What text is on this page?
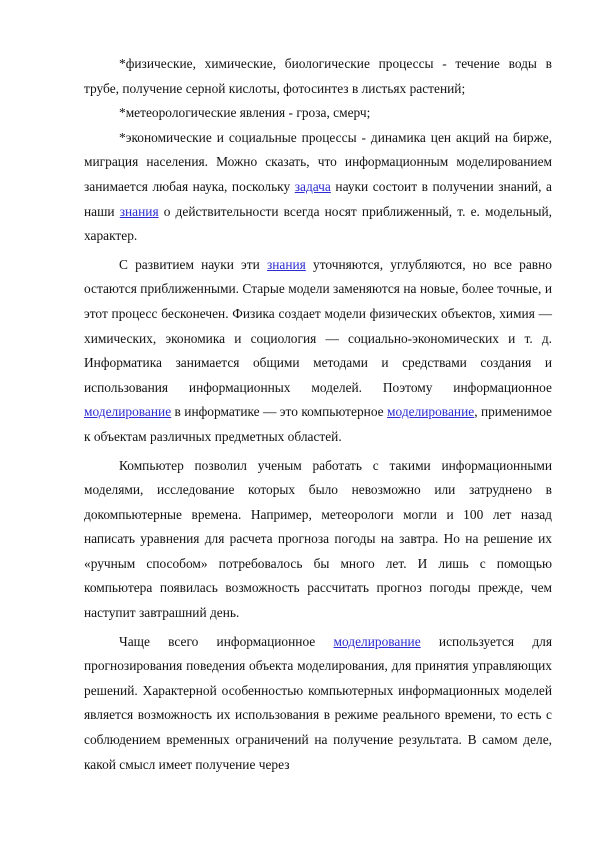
*физические, химические, биологические процессы - течение воды в трубе, получение серной кислоты, фотосинтез в листьях растений;

*метеорологические явления - гроза, смерч;

*экономические и социальные процессы - динамика цен акций на бирже, миграция населения. Можно сказать, что информационным моделированием занимается любая наука, поскольку задача науки состоит в получении знаний, а наши знания о действительности всегда носят приближенный, т. е. модельный, характер.

С развитием науки эти знания уточняются, углубляются, но все равно остаются приближенными. Старые модели заменяются на новые, более точные, и этот процесс бесконечен. Физика создает модели физических объектов, химия — химических, экономика и социология — социально-экономических и т. д. Информатика занимается общими методами и средствами создания и использования информационных моделей. Поэтому информационное моделирование в информатике — это компьютерное моделирование, применимое к объектам различных предметных областей.

Компьютер позволил ученым работать с такими информационными моделями, исследование которых было невозможно или затруднено в докомпьютерные времена. Например, метеорологи могли и 100 лет назад написать уравнения для расчета прогноза погоды на завтра. Но на решение их «ручным способом» потребовалось бы много лет. И лишь с помощью компьютера появилась возможность рассчитать прогноз погоды прежде, чем наступит завтрашний день.

Чаще всего информационное моделирование используется для прогнозирования поведения объекта моделирования, для принятия управляющих решений. Характерной особенностью компьютерных информационных моделей является возможность их использования в режиме реального времени, то есть с соблюдением временных ограничений на получение результата. В самом деле, какой смысл имеет получение через
